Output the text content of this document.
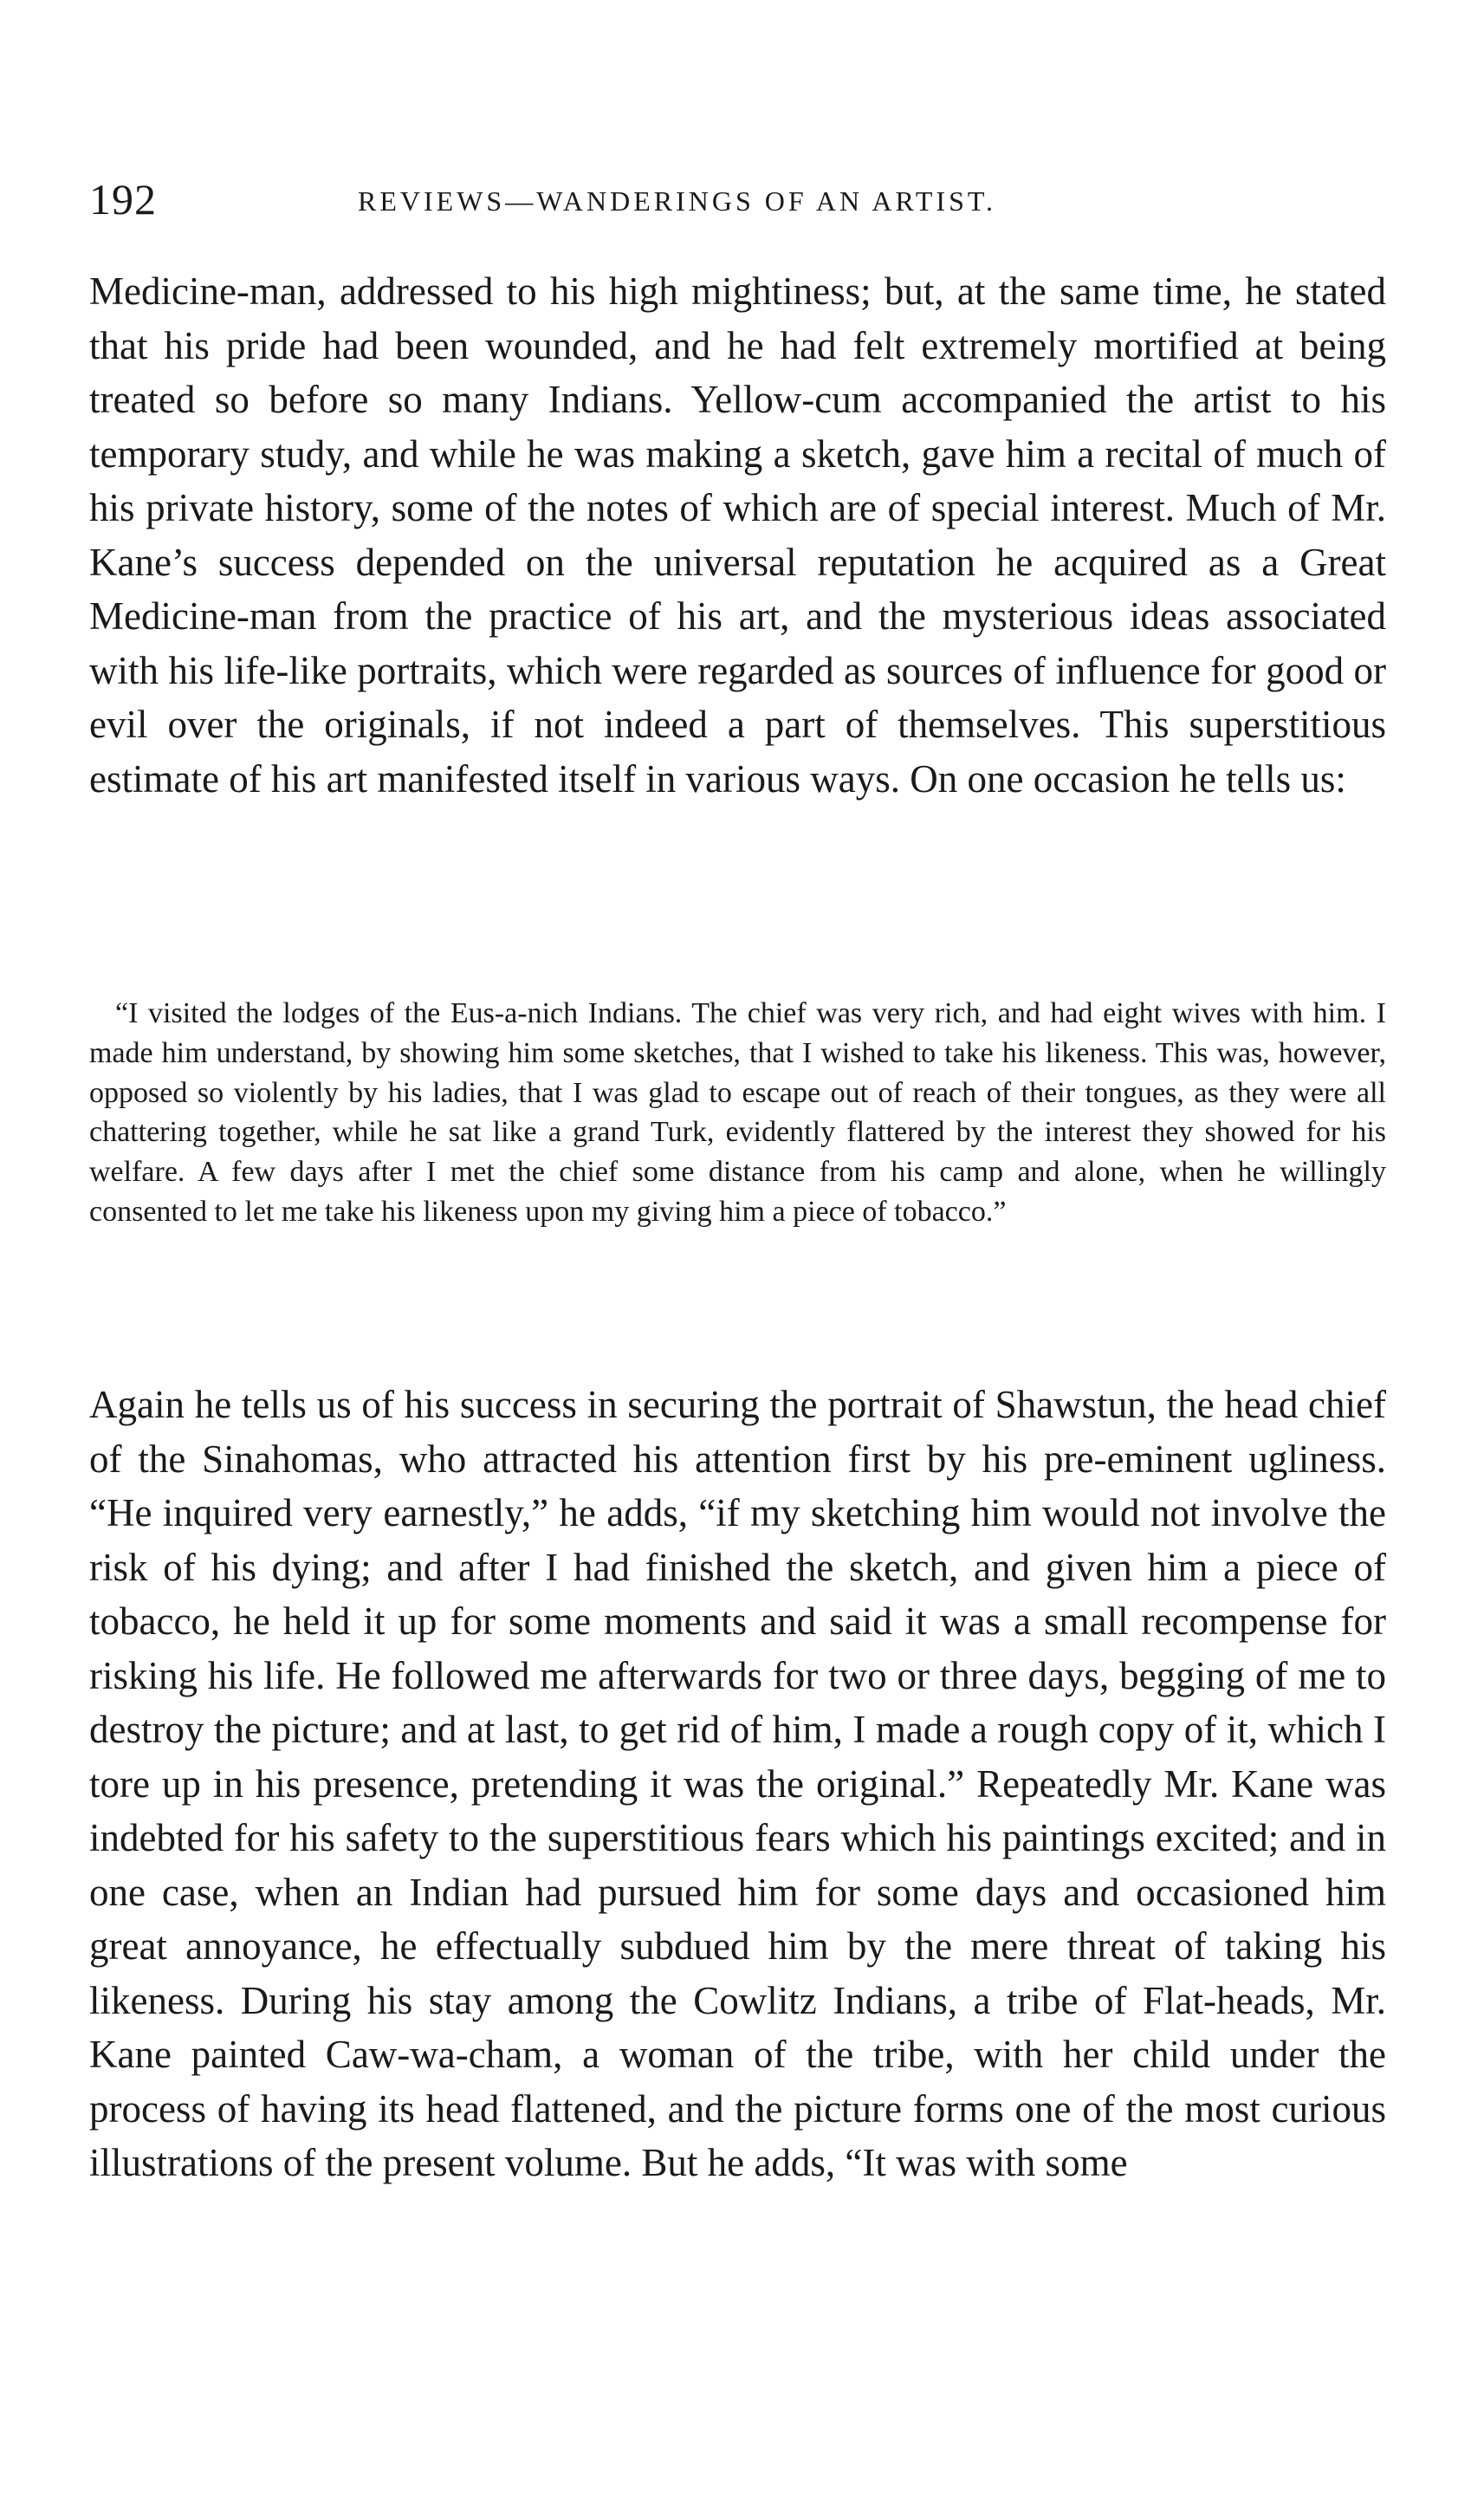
192	REVIEWS—WANDERINGS OF AN ARTIST.

Medicine-man, addressed to his high mightiness; but, at the same time, he stated that his pride had been wounded, and he had felt extremely mortified at being treated so before so many Indians. Yellow-cum accompanied the artist to his temporary study, and while he was making a sketch, gave him a recital of much of his private history, some of the notes of which are of special interest. Much of Mr. Kane’s success depended on the universal reputation he acquired as a Great Medicine-man from the practice of his art, and the mysterious ideas associated with his life-like portraits, which were regarded as sources of influence for good or evil over the originals, if not indeed a part of themselves. This superstitious estimate of his art manifested itself in various ways. On one occasion he tells us:

“I visited the lodges of the Eus-a-nich Indians. The chief was very rich, and had eight wives with him. I made him understand, by showing him some sketches, that I wished to take his likeness. This was, however, opposed so violently by his ladies, that I was glad to escape out of reach of their tongues, as they were all chattering together, while he sat like a grand Turk, evidently flattered by the interest they showed for his welfare. A few days after I met the chief some distance from his camp and alone, when he willingly consented to let me take his likeness upon my giving him a piece of tobacco.”

Again he tells us of his success in securing the portrait of Shawstun, the head chief of the Sinahomas, who attracted his attention first by his pre-eminent ugliness. “He inquired very earnestly,” he adds, “if my sketching him would not involve the risk of his dying; and after I had finished the sketch, and given him a piece of tobacco, he held it up for some moments and said it was a small recompense for risking his life. He followed me afterwards for two or three days, begging of me to destroy the picture; and at last, to get rid of him, I made a rough copy of it, which I tore up in his presence, pretending it was the original.” Repeatedly Mr. Kane was indebted for his safety to the superstitious fears which his paintings excited; and in one case, when an Indian had pursued him for some days and occasioned him great annoyance, he effectually subdued him by the mere threat of taking his likeness. During his stay among the Cowlitz Indians, a tribe of Flat-heads, Mr. Kane painted Caw-wa-cham, a woman of the tribe, with her child under the process of having its head flattened, and the picture forms one of the most curious illustrations of the present volume. But he adds, “It was with some
